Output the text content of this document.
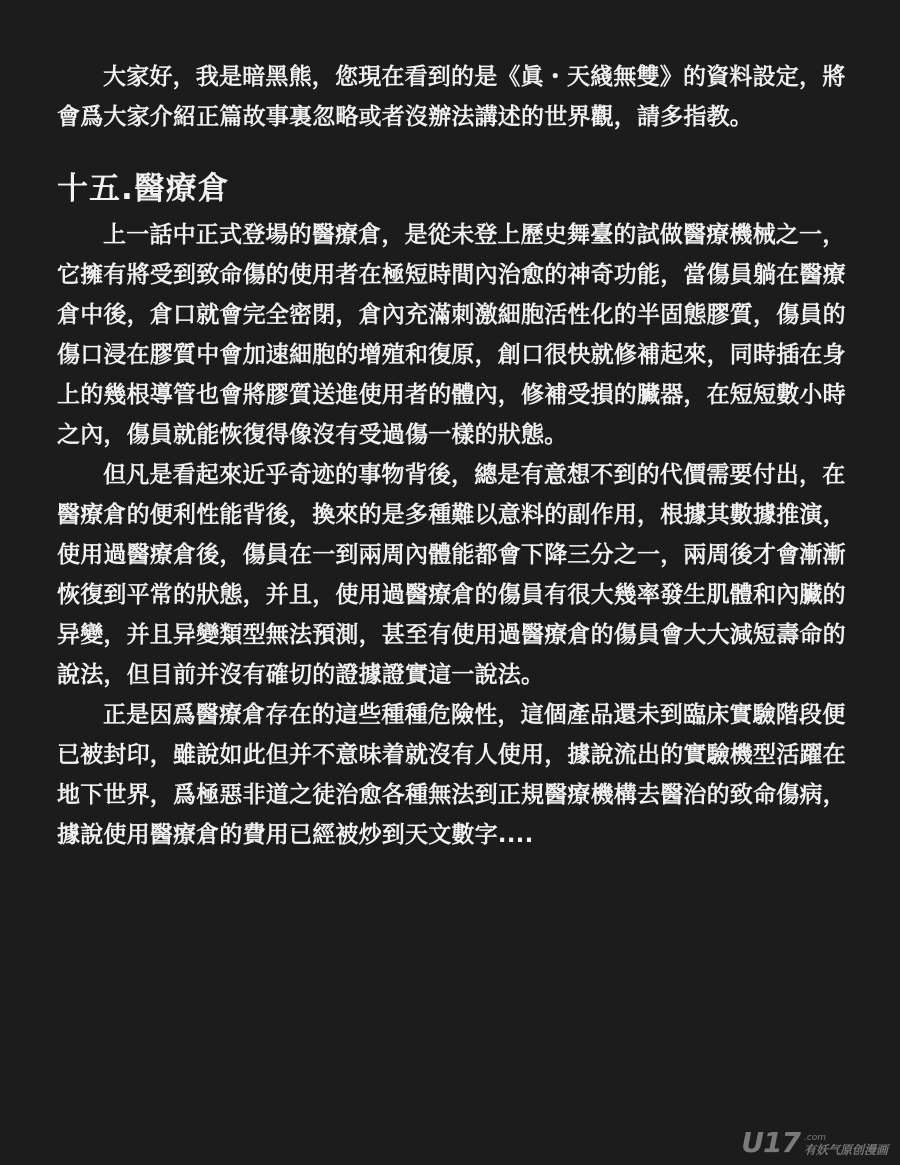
大家好，我是暗黑熊，您現在看到的是《眞・天綫無雙》的資料設定，將會爲大家介紹正篇故事裏忽略或者沒辦法講述的世界觀，請多指教。

十五.醫療倉

上一話中正式登場的醫療倉，是從未登上歷史舞臺的試做醫療機械之一，它擁有將受到致命傷的使用者在極短時間內治愈的神奇功能，當傷員躺在醫療倉中後，倉口就會完全密閉，倉內充滿刺激細胞活性化的半固態膠質，傷員的傷口浸在膠質中會加速細胞的增殖和復原，創口很快就修補起來，同時插在身上的幾根導管也會將膠質送進使用者的體內，修補受損的臟器，在短短數小時之內，傷員就能恢復得像沒有受過傷一樣的狀態。

但凡是看起來近乎奇迹的事物背後，總是有意想不到的代價需要付出，在醫療倉的便利性能背後，換來的是多種難以意料的副作用，根據其數據推演，使用過醫療倉後，傷員在一到兩周內體能都會下降三分之一，兩周後才會漸漸恢復到平常的狀態，并且，使用過醫療倉的傷員有很大幾率發生肌體和內臟的异變，并且异變類型無法預測，甚至有使用過醫療倉的傷員會大大減短壽命的說法，但目前并沒有確切的證據證實這一說法。

正是因爲醫療倉存在的這些種種危險性，這個產品還未到臨床實驗階段便已被封印，雖說如此但并不意味着就沒有人使用，據說流出的實驗機型活躍在地下世界，爲極惡非道之徒治愈各種無法到正規醫療機構去醫治的致命傷病，據說使用醫療倉的費用已經被炒到天文數字....

U17 .com
有妖气原创漫画
